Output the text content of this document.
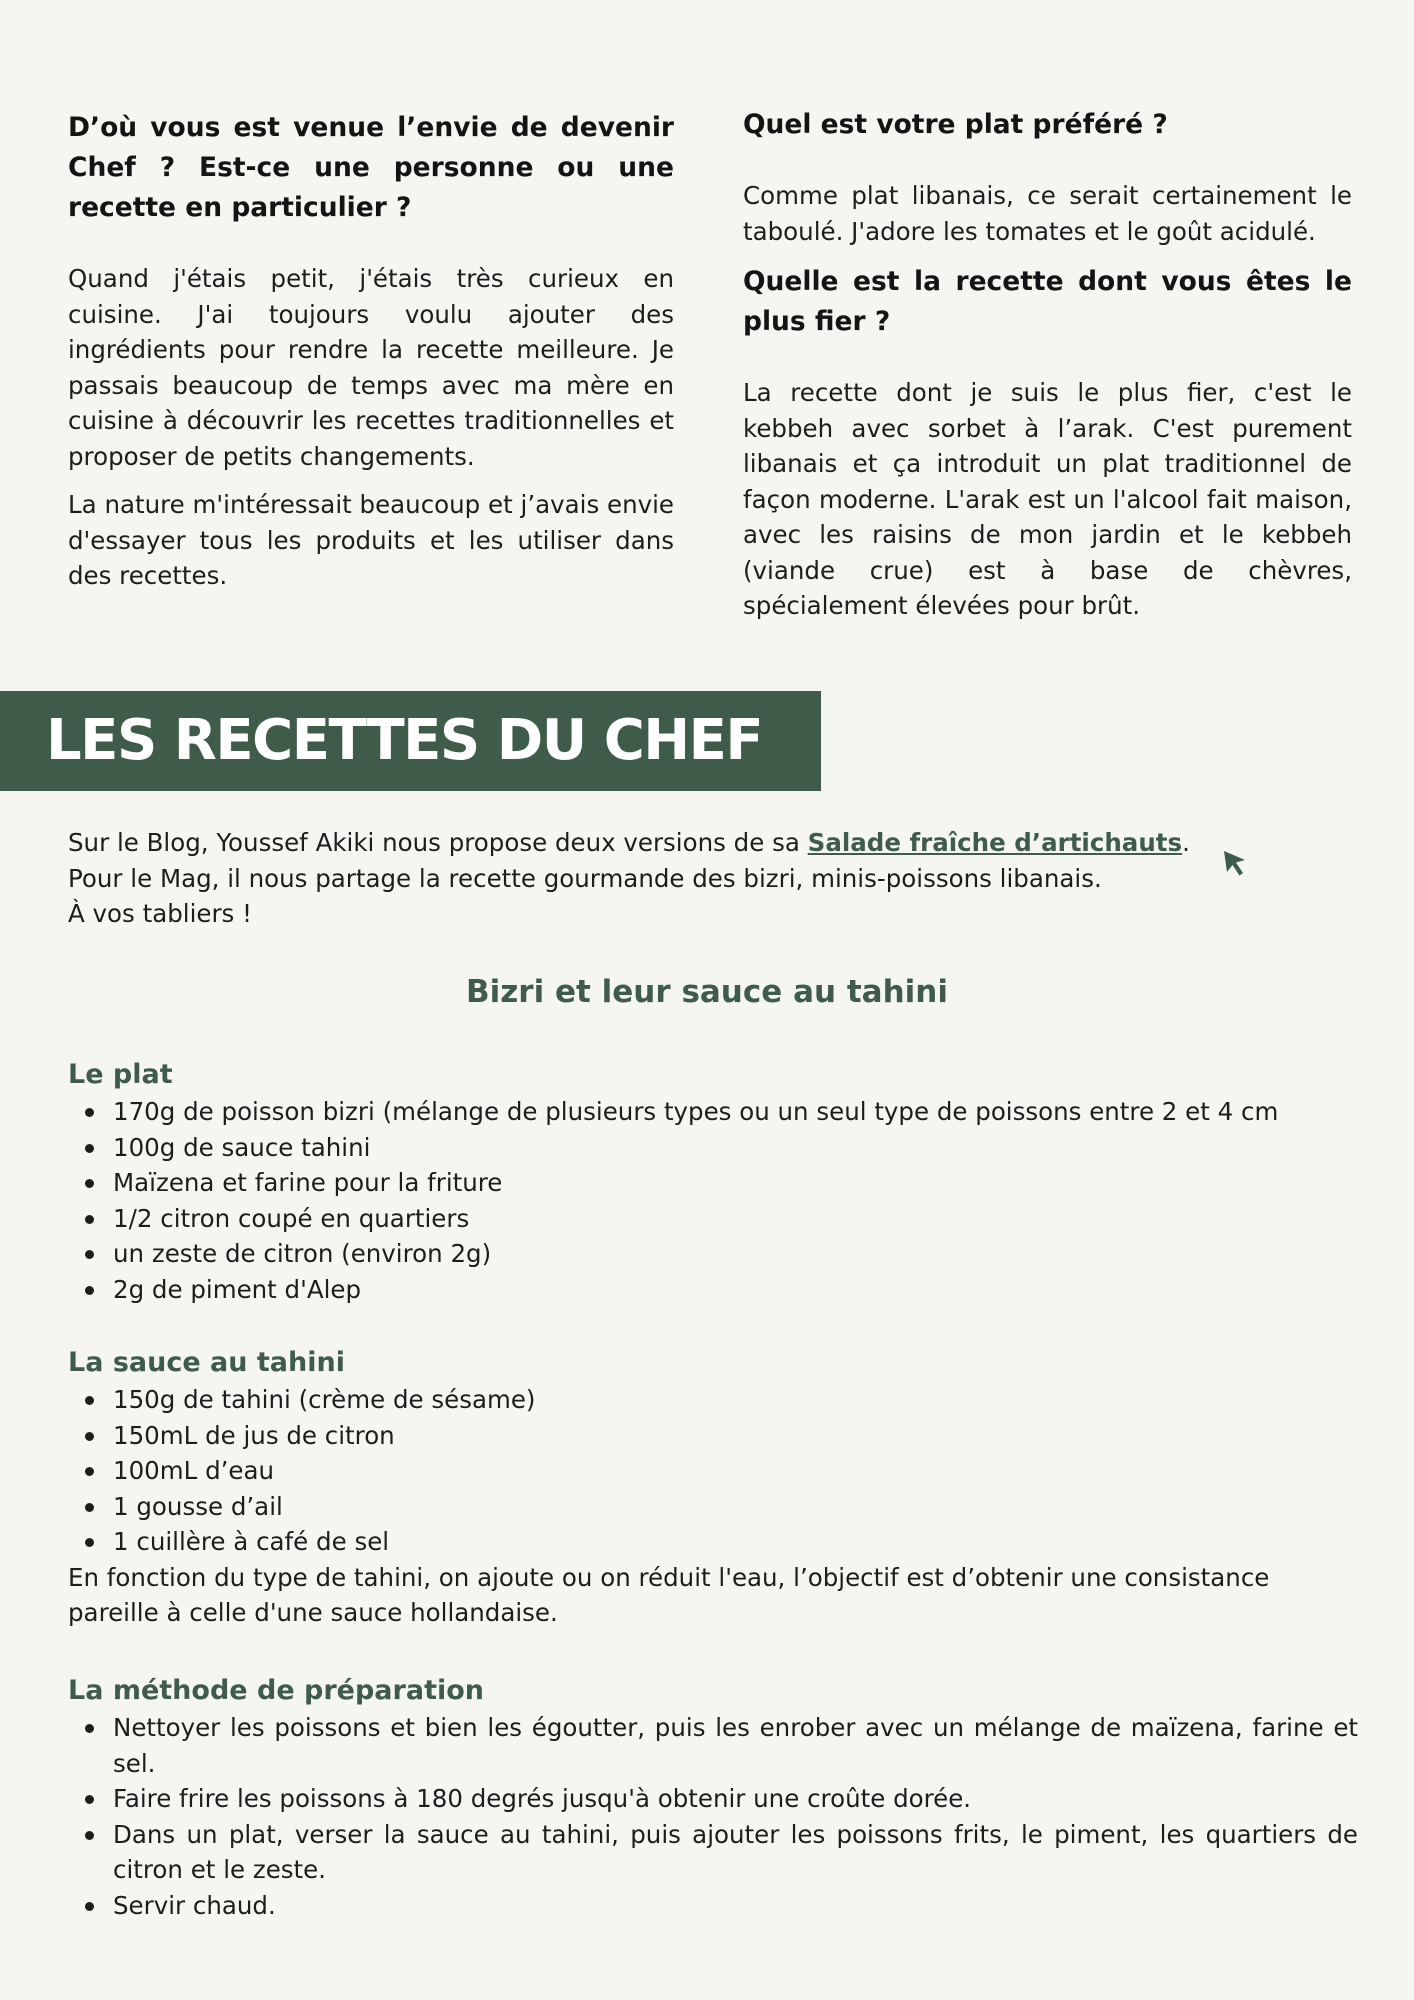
D’où vous est venue l’envie de devenir Chef ? Est-ce une personne ou une recette en particulier ?

Quand j'étais petit, j'étais très curieux en cuisine. J'ai toujours voulu ajouter des ingrédients pour rendre la recette meilleure. Je passais beaucoup de temps avec ma mère en cuisine à découvrir les recettes traditionnelles et proposer de petits changements.

La nature m'intéressait beaucoup et j’avais envie d'essayer tous les produits et les utiliser dans des recettes.

Quel est votre plat préféré ?

Comme plat libanais, ce serait certainement le taboulé. J'adore les tomates et le goût acidulé.

Quelle est la recette dont vous êtes le plus fier ?

La recette dont je suis le plus fier, c'est le kebbeh avec sorbet à l’arak. C'est purement libanais et ça introduit un plat traditionnel de façon moderne. L'arak est un l'alcool fait maison, avec les raisins de mon jardin et le kebbeh (viande crue) est à base de chèvres, spécialement élevées pour brût.

LES RECETTES DU CHEF
Sur le Blog, Youssef Akiki nous propose deux versions de sa Salade fraîche d’artichauts.
Pour le Mag, il nous partage la recette gourmande des bizri, minis-poissons libanais.
À vos tabliers !
Bizri et leur sauce au tahini
Le plat
170g de poisson bizri (mélange de plusieurs types ou un seul type de poissons entre 2 et 4 cm
100g de sauce tahini
Maïzena et farine pour la friture
1/2 citron coupé en quartiers
un zeste de citron (environ 2g)
2g de piment d'Alep
La sauce au tahini
150g de tahini (crème de sésame)
150mL de jus de citron
100mL d’eau
1 gousse d’ail
1 cuillère à café de sel

En fonction du type de tahini, on ajoute ou on réduit l'eau, l’objectif est d’obtenir une consistance pareille à celle d'une sauce hollandaise.

La méthode de préparation
Nettoyer les poissons et bien les égoutter, puis les enrober avec un mélange de maïzena, farine et sel.
Faire frire les poissons à 180 degrés jusqu'à obtenir une croûte dorée.
Dans un plat, verser la sauce au tahini, puis ajouter les poissons frits, le piment, les quartiers de citron et le zeste.
Servir chaud.
